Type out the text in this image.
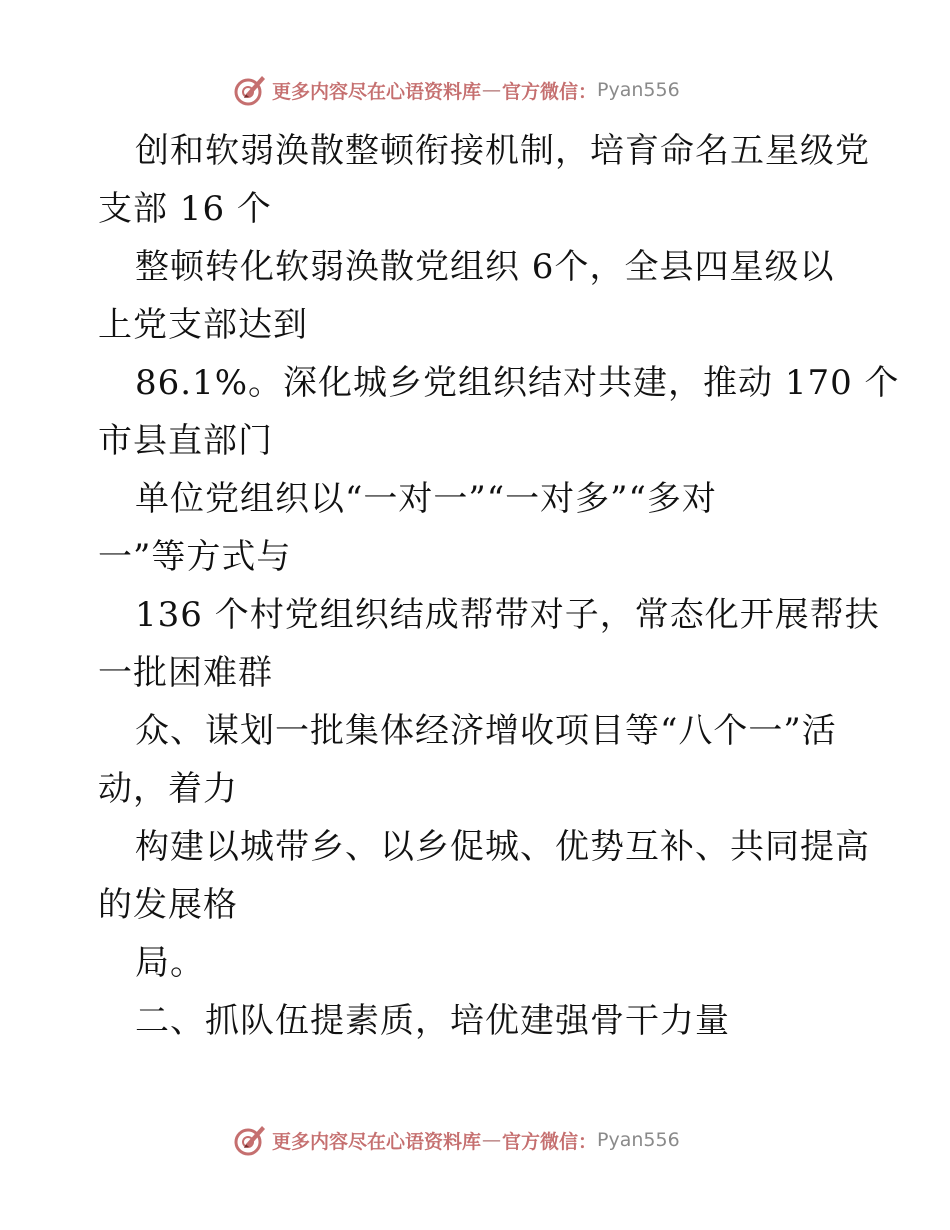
更多内容尽在心语资料库 — 官方微信： Pyan556
创和软弱涣散整顿衔接机制，培育命名五星级党
支部 16 个
整顿转化软弱涣散党组织 6个，全县四星级以
上党支部达到
86.1%。深化城乡党组织结对共建，推动 170 个
市县直部门
单位党组织以“一对一”“一对多”“多对
一”等方式与
136 个村党组织结成帮带对子，常态化开展帮扶
一批困难群
众、谋划一批集体经济增收项目等“八个一”活
动，着力
构建以城带乡、以乡促城、优势互补、共同提高
的发展格
局。
二、抓队伍提素质，培优建强骨干力量
更多内容尽在心语资料库 — 官方微信： Pyan556
